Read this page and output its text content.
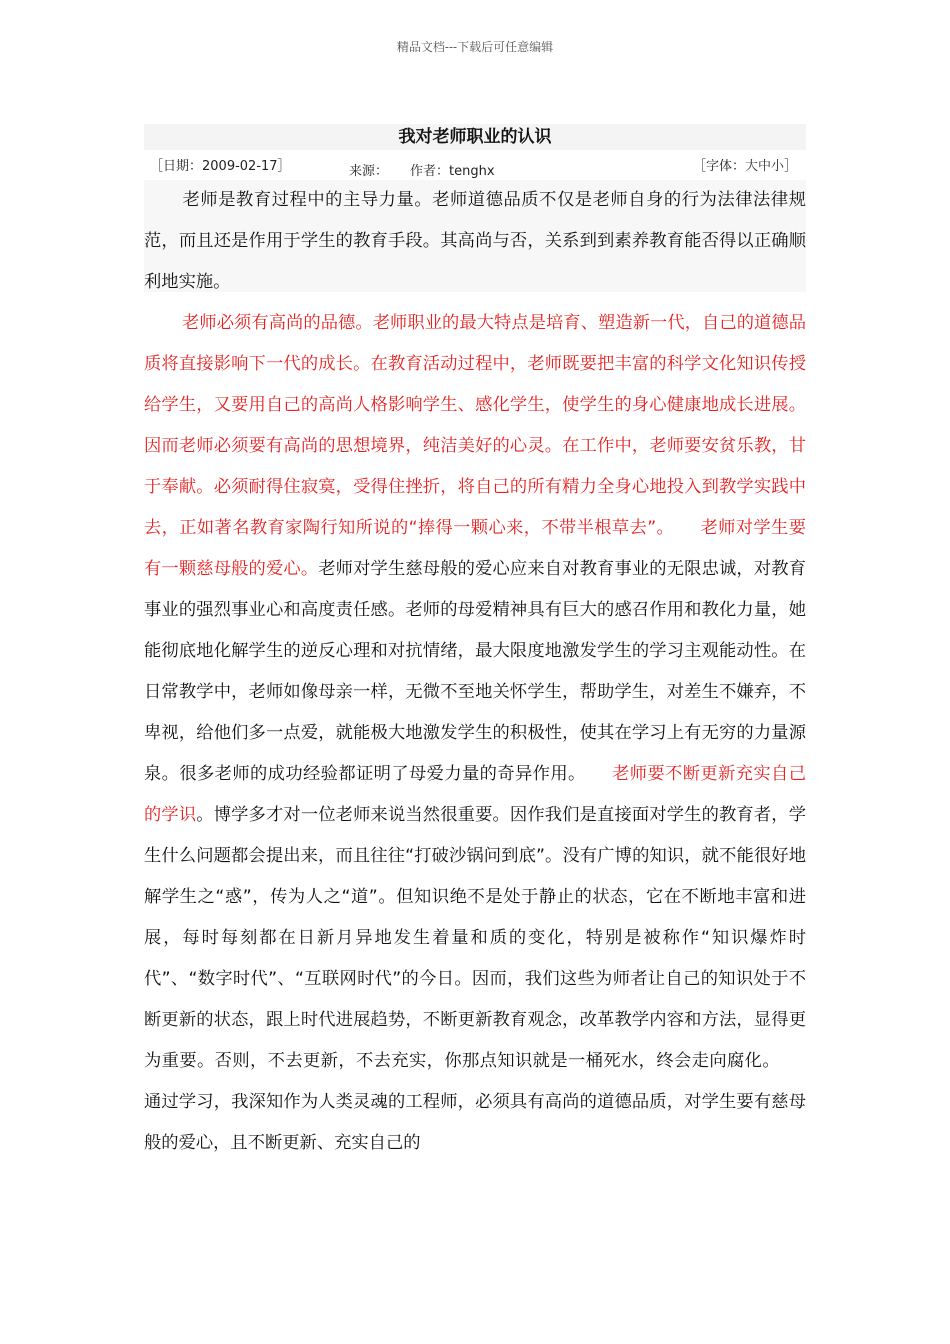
精品文档---下载后可任意编辑
我对老师职业的认识
［日期：2009-02-17］	来源： 作者：tenghx	［字体：大中小］

老师是教育过程中的主导力量。老师道德品质不仅是老师自身的行为法律法律规范，而且还是作用于学生的教育手段。其高尚与否，关系到到素养教育能否得以正确顺利地实施。

老师必须有高尚的品德。老师职业的最大特点是培育、塑造新一代，自己的道德品质将直接影响下一代的成长。在教育活动过程中，老师既要把丰富的科学文化知识传授给学生，又要用自己的高尚人格影响学生、感化学生，使学生的身心健康地成长进展。因而老师必须要有高尚的思想境界，纯洁美好的心灵。在工作中，老师要安贫乐教，甘于奉献。必须耐得住寂寞，受得住挫折，将自己的所有精力全身心地投入到教学实践中去，正如著名教育家陶行知所说的“捧得一颗心来，不带半根草去”。 老师对学生要有一颗慈母般的爱心。老师对学生慈母般的爱心应来自对教育事业的无限忠诚，对教育事业的强烈事业心和高度责任感。老师的母爱精神具有巨大的感召作用和教化力量，她能彻底地化解学生的逆反心理和对抗情绪，最大限度地激发学生的学习主观能动性。在日常教学中，老师如像母亲一样，无微不至地关怀学生，帮助学生，对差生不嫌弃，不卑视，给他们多一点爱，就能极大地激发学生的积极性，使其在学习上有无穷的力量源泉。很多老师的成功经验都证明了母爱力量的奇异作用。 老师要不断更新充实自己的学识。博学多才对一位老师来说当然很重要。因作我们是直接面对学生的教育者，学生什么问题都会提出来，而且往往“打破沙锅问到底”。没有广博的知识，就不能很好地解学生之“惑”，传为人之“道”。但知识绝不是处于静止的状态，它在不断地丰富和进展，每时每刻都在日新月异地发生着量和质的变化，特别是被称作“知识爆炸时代”、“数字时代”、“互联网时代”的今日。因而，我们这些为师者让自己的知识处于不断更新的状态，跟上时代进展趋势，不断更新教育观念，改革教学内容和方法，显得更为重要。否则，不去更新，不去充实，你那点知识就是一桶死水，终会走向腐化。通过学习，我深知作为人类灵魂的工程师，必须具有高尚的道德品质，对学生要有慈母般的爱心，且不断更新、充实自己的
